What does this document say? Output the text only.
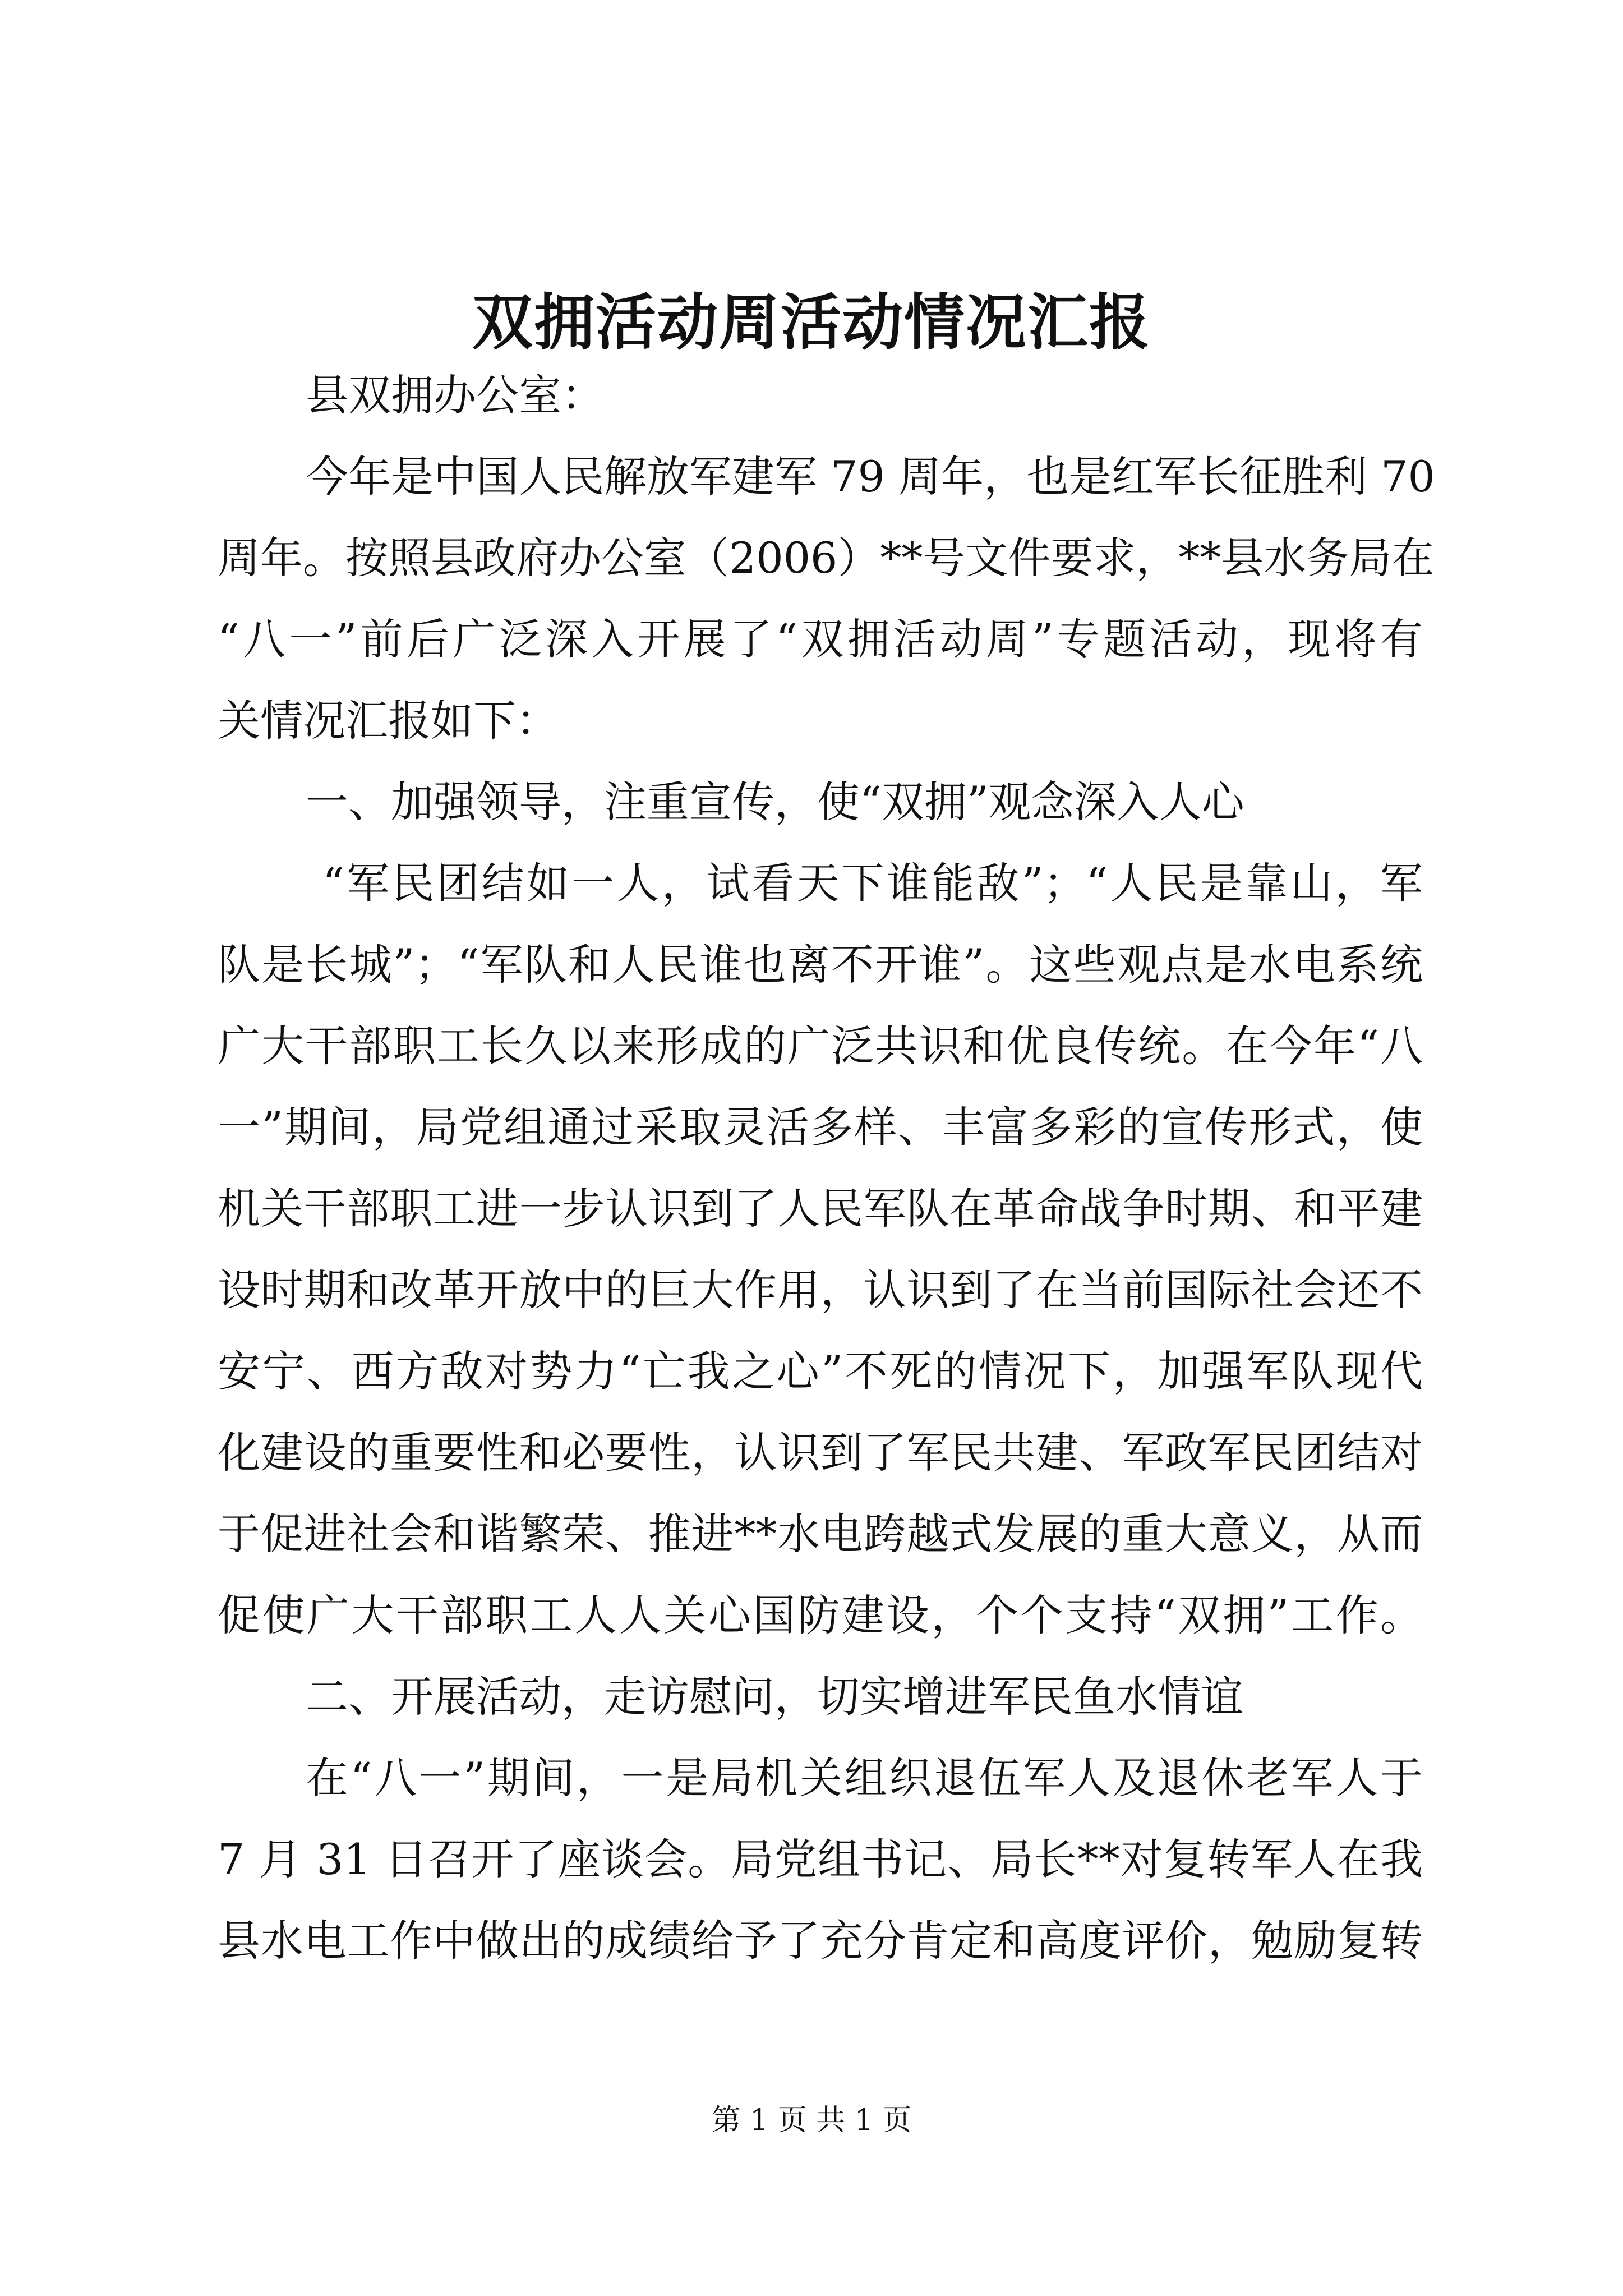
双拥活动周活动情况汇报
县双拥办公室：
今年是中国人民解放军建军 79 周年，也是红军长征胜利 70
周年。按照县政府办公室（2006）**号文件要求，**县水务局在
“八一”前后广泛深入开展了“双拥活动周”专题活动，现将有
关情况汇报如下：
一、加强领导，注重宣传，使“双拥”观念深入人心
“军民团结如一人，试看天下谁能敌”；“人民是靠山，军
队是长城”；“军队和人民谁也离不开谁”。这些观点是水电系统
广大干部职工长久以来形成的广泛共识和优良传统。在今年“八
一”期间，局党组通过采取灵活多样、丰富多彩的宣传形式，使
机关干部职工进一步认识到了人民军队在革命战争时期、和平建
设时期和改革开放中的巨大作用，认识到了在当前国际社会还不
安宁、西方敌对势力“亡我之心”不死的情况下，加强军队现代
化建设的重要性和必要性，认识到了军民共建、军政军民团结对
于促进社会和谐繁荣、推进**水电跨越式发展的重大意义，从而
促使广大干部职工人人关心国防建设，个个支持“双拥”工作。
二、开展活动，走访慰问，切实增进军民鱼水情谊
在“八一”期间，一是局机关组织退伍军人及退休老军人于
7 月 31 日召开了座谈会。局党组书记、局长**对复转军人在我
县水电工作中做出的成绩给予了充分肯定和高度评价，勉励复转
第 1 页 共 1 页
